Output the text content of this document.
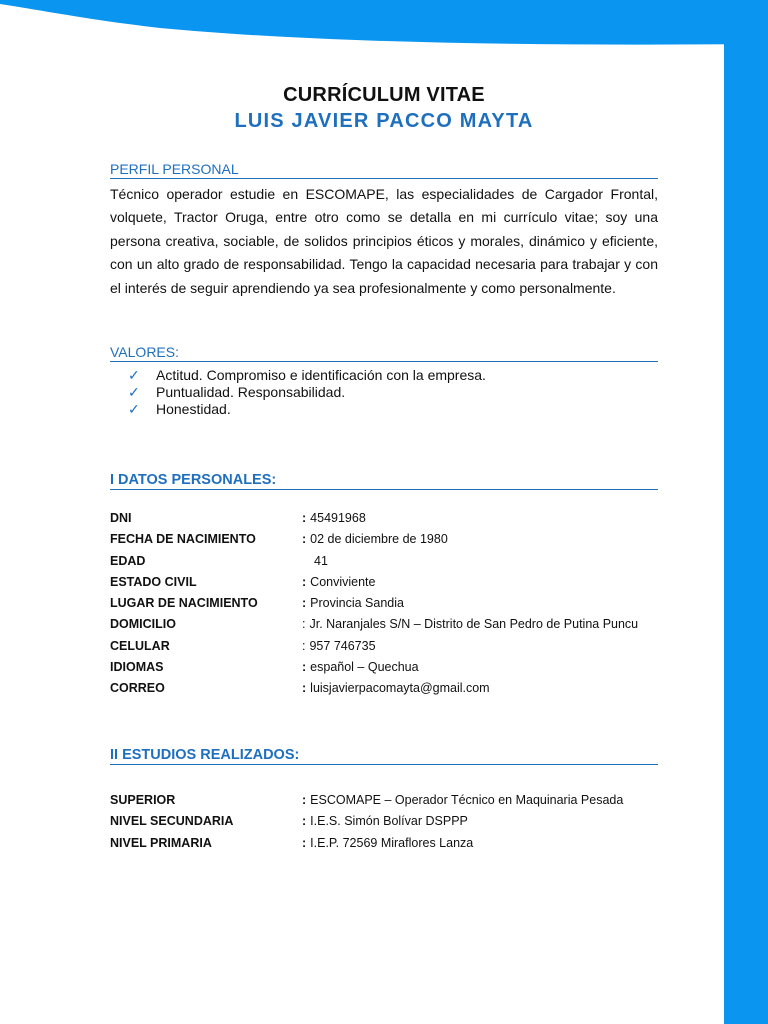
CURRÍCULUM VITAE
LUIS JAVIER PACCO MAYTA
PERFIL PERSONAL
Técnico operador estudie en ESCOMAPE, las especialidades de Cargador Frontal, volquete, Tractor Oruga, entre otro como se detalla en mi currículo vitae; soy una persona creativa, sociable, de solidos principios éticos y morales, dinámico y eficiente, con un alto grado de responsabilidad. Tengo la capacidad necesaria para trabajar y con el interés de seguir aprendiendo ya sea profesionalmente y como personalmente.
VALORES:
✓ Actitud. Compromiso e identificación con la empresa.
✓ Puntualidad. Responsabilidad.
✓ Honestidad.
I DATOS PERSONALES:
DNI	: 45491968
FECHA DE NACIMIENTO	: 02 de diciembre de 1980
EDAD	41
ESTADO CIVIL	: Conviviente
LUGAR DE NACIMIENTO	: Provincia Sandia
DOMICILIO	: Jr. Naranjales S/N – Distrito de San Pedro de Putina Puncu
CELULAR	: 957 746735
IDIOMAS	: español – Quechua
CORREO	: luisjavierpacomayta@gmail.com
II ESTUDIOS REALIZADOS:
SUPERIOR	: ESCOMAPE – Operador Técnico en Maquinaria Pesada
NIVEL SECUNDARIA	: I.E.S. Simón Bolívar DSPPP
NIVEL PRIMARIA	: I.E.P. 72569 Miraflores Lanza
